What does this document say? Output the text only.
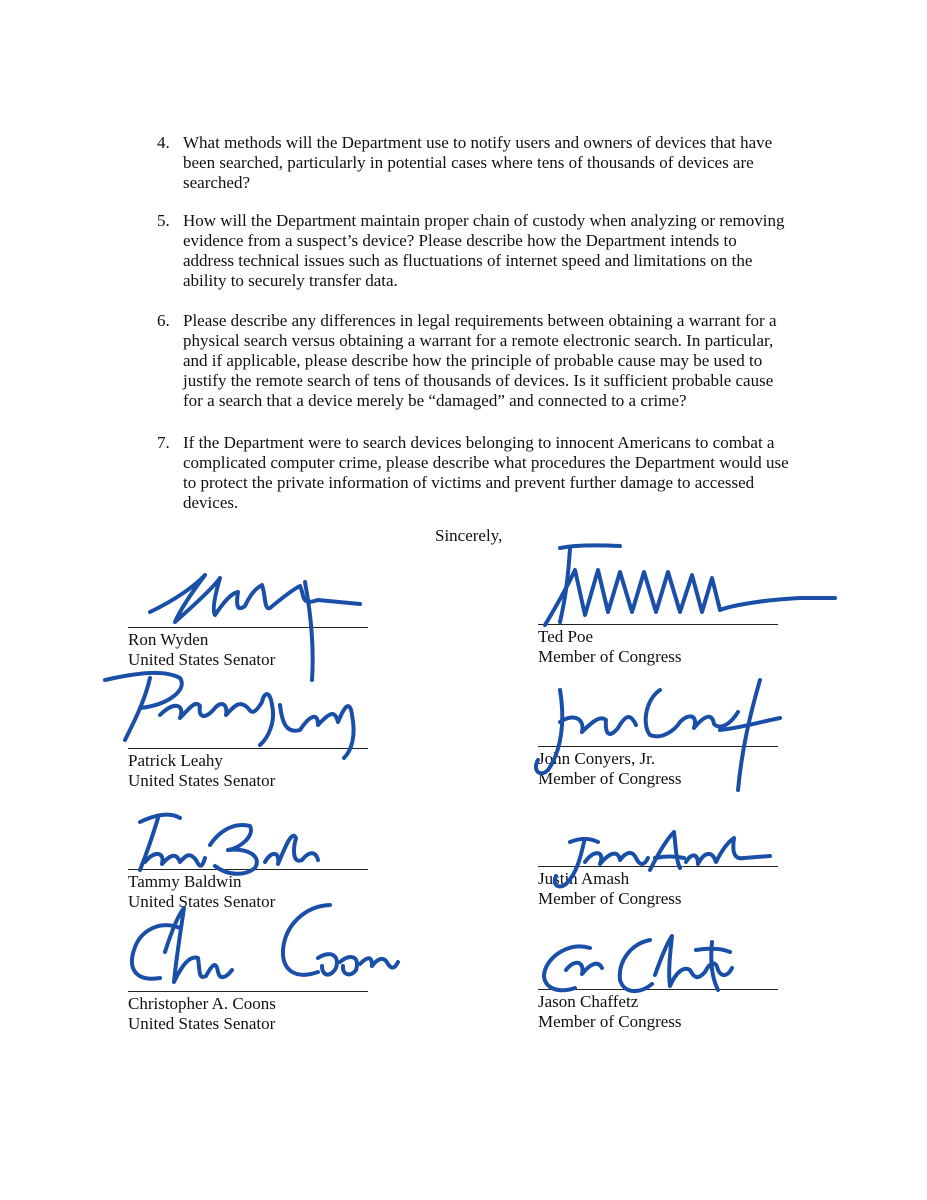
4. What methods will the Department use to notify users and owners of devices that have
been searched, particularly in potential cases where tens of thousands of devices are
searched?
5. How will the Department maintain proper chain of custody when analyzing or removing
evidence from a suspect’s device? Please describe how the Department intends to
address technical issues such as fluctuations of internet speed and limitations on the
ability to securely transfer data.
6. Please describe any differences in legal requirements between obtaining a warrant for a
physical search versus obtaining a warrant for a remote electronic search. In particular,
and if applicable, please describe how the principle of probable cause may be used to
justify the remote search of tens of thousands of devices. Is it sufficient probable cause
for a search that a device merely be “damaged” and connected to a crime?
7. If the Department were to search devices belonging to innocent Americans to combat a
complicated computer crime, please describe what procedures the Department would use
to protect the private information of victims and prevent further damage to accessed
devices.
Sincerely,
Ron Wyden
United States Senator
Patrick Leahy
United States Senator
Tammy Baldwin
United States Senator
Christopher A. Coons
United States Senator
Ted Poe
Member of Congress
John Conyers, Jr.
Member of Congress
Justin Amash
Member of Congress
Jason Chaffetz
Member of Congress
